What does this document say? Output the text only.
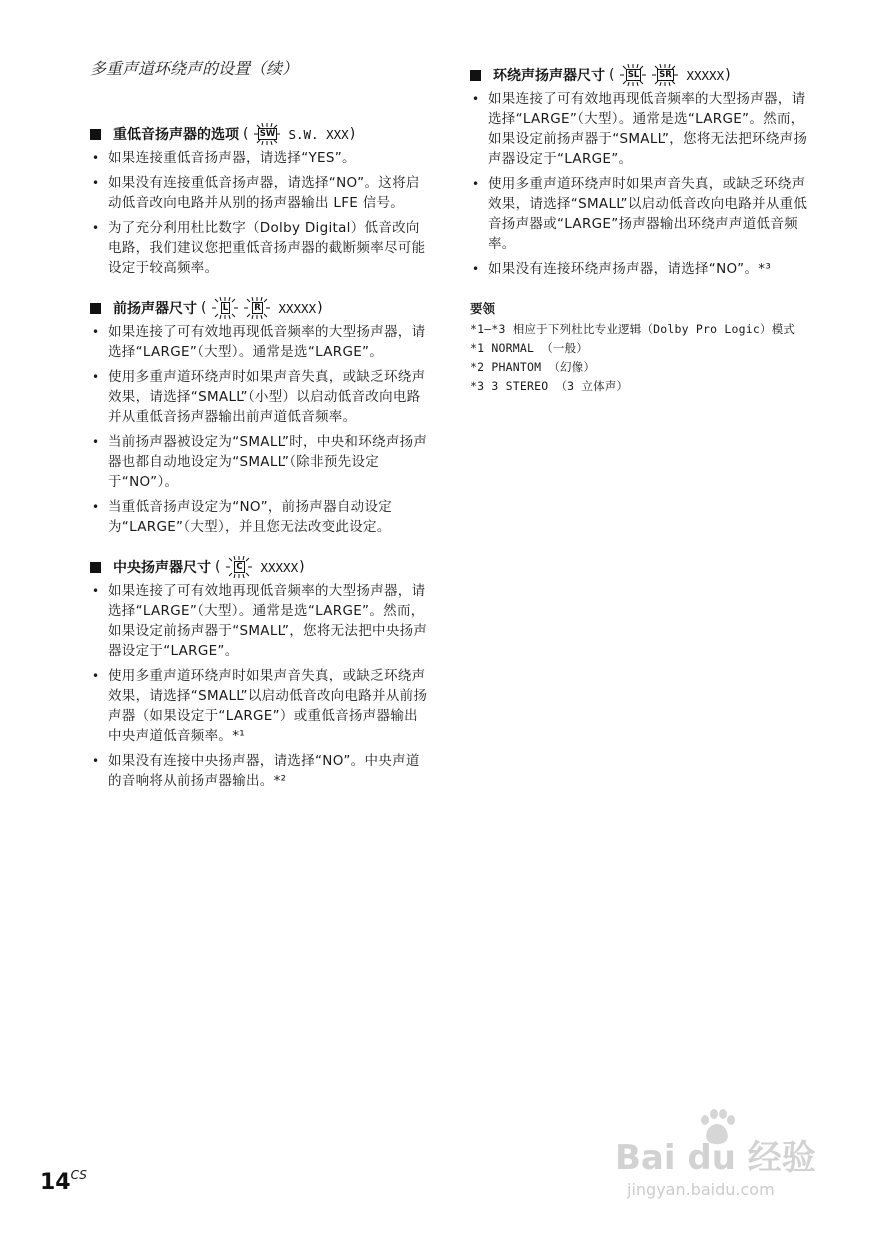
多重声道环绕声的设置（续）
重低音扬声器的选项 ( SW S.W. XXX )
• 如果连接重低音扬声器，请选择“YES”。
• 如果没有连接重低音扬声器，请选择“NO”。这将启动低音改向电路并从别的扬声器输出 LFE 信号。
• 为了充分利用杜比数字（Dolby Digital）低音改向电路，我们建议您把重低音扬声器的截断频率尽可能设定于较高频率。
前扬声器尺寸 ( L	R XXXXX )
• 如果连接了可有效地再现低音频率的大型扬声器，请选择“LARGE”（大型）。通常是选“LARGE”。
• 使用多重声道环绕声时如果声音失真，或缺乏环绕声效果，请选择“SMALL”（小型）以启动低音改向电路并从重低音扬声器输出前声道低音频率。
• 当前扬声器被设定为“SMALL”时，中央和环绕声扬声器也都自动地设定为“SMALL”（除非预先设定于“NO”）。
• 当重低音扬声设定为“NO”，前扬声器自动设定为“LARGE”（大型），并且您无法改变此设定。
中央扬声器尺寸 ( C XXXXX )
• 如果连接了可有效地再现低音频率的大型扬声器，请选择“LARGE”（大型）。通常是选“LARGE”。然而，如果设定前扬声器于“SMALL”，您将无法把中央扬声器设定于“LARGE”。
• 使用多重声道环绕声时如果声音失真，或缺乏环绕声效果，请选择“SMALL”以启动低音改向电路并从前扬声器（如果设定于“LARGE”）或重低音扬声器输出中央声道低音频率。*¹
• 如果没有连接中央扬声器，请选择“NO”。中央声道的音响将从前扬声器输出。*²
环绕声扬声器尺寸 ( SL SR XXXXX )
• 如果连接了可有效地再现低音频率的大型扬声器，请选择“LARGE”（大型）。通常是选“LARGE”。然而，如果设定前扬声器于“SMALL”，您将无法把环绕声扬声器设定于“LARGE”。
• 使用多重声道环绕声时如果声音失真，或缺乏环绕声效果，请选择“SMALL”以启动低音改向电路并从重低音扬声器或“LARGE”扬声器输出环绕声声道低音频率。
• 如果没有连接环绕声扬声器，请选择“NO”。*³
要领
*1–*3 相应于下列杜比专业逻辑（Dolby Pro Logic）模式
*1 NORMAL （一般）
*2 PHANTOM （幻像）
*3 3 STEREO （3 立体声）
$14^{CS}$	Bai du 经验
jingyan.baidu.com
